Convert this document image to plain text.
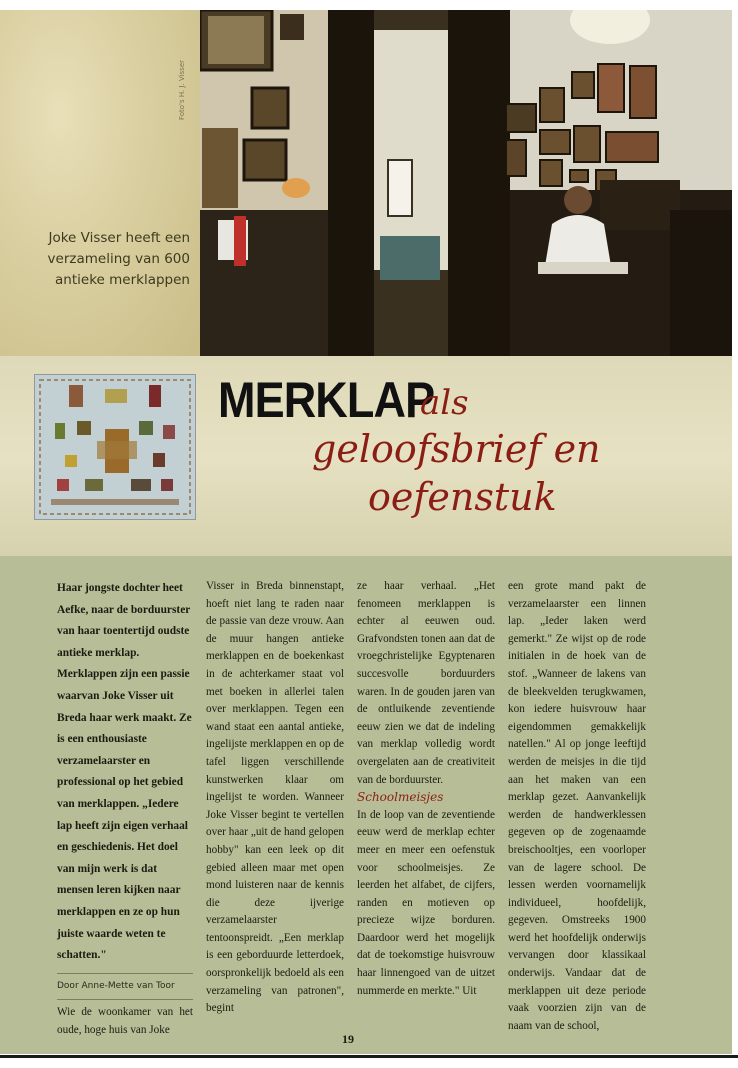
Joke Visser heeft een verzameling van 600 antieke merklappen
Foto's H. J. Visser
MERKLAP
als
geloofsbrief en
oefenstuk

Haar jongste dochter heet Aefke, naar de borduurster van haar toentertijd oudste antieke merklap. Merklappen zijn een passie waarvan Joke Visser uit Breda haar werk maakt. Ze is een enthousiaste verzamelaarster en professional op het gebied van merklappen. „Iedere lap heeft zijn eigen verhaal en geschiedenis. Het doel van mijn werk is dat mensen leren kijken naar merklappen en ze op hun juiste waarde weten te schatten."

Door Anne-Mette van Toor

Wie de woonkamer van het oude, hoge huis van Joke

Visser in Breda binnenstapt, hoeft niet lang te raden naar de passie van deze vrouw. Aan de muur hangen antieke merklappen en de boekenkast in de achterkamer staat vol met boeken in allerlei talen over merklappen. Tegen een wand staat een aantal antieke, ingelijste merklappen en op de tafel liggen verschillende kunstwerken klaar om ingelijst te worden. Wanneer Joke Visser begint te vertellen over haar „uit de hand gelopen hobby" kan een leek op dit gebied alleen maar met open mond luisteren naar de kennis die deze ijverige verzamelaarster tentoonspreidt. „Een merklap is een geborduurde letterdoek, oorspronkelijk bedoeld als een verzameling van patronen", begint

ze haar verhaal. „Het fenomeen merklappen is echter al eeuwen oud. Grafvondsten tonen aan dat de vroegchristelijke Egyptenaren succesvolle borduurders waren. In de gouden jaren van de ontluikende zeventiende eeuw zien we dat de indeling van merklap volledig wordt overgelaten aan de creativiteit van de borduurster.

Schoolmeisjes

In de loop van de zeventiende eeuw werd de merklap echter meer en meer een oefenstuk voor schoolmeisjes. Ze leerden het alfabet, de cijfers, randen en motieven op precieze wijze borduren. Daardoor werd het mogelijk dat de toekomstige huisvrouw haar linnengoed van de uitzet nummerde en merkte." Uit

een grote mand pakt de verzamelaarster een linnen lap. „Ieder laken werd gemerkt." Ze wijst op de rode initialen in de hoek van de stof. „Wanneer de lakens van de bleekvelden terugkwamen, kon iedere huisvrouw haar eigendommen gemakkelijk natellen." Al op jonge leeftijd werden de meisjes in die tijd aan het maken van een merklap gezet. Aanvankelijk werden de handwerklessen gegeven op de zogenaamde breischooltjes, een voorloper van de lagere school. De lessen werden voornamelijk individueel, hoofdelijk, gegeven. Omstreeks 1900 werd het hoofdelijk onderwijs vervangen door klassikaal onderwijs. Vandaar dat de merklappen uit deze periode vaak voorzien zijn van de naam van de school,

19
